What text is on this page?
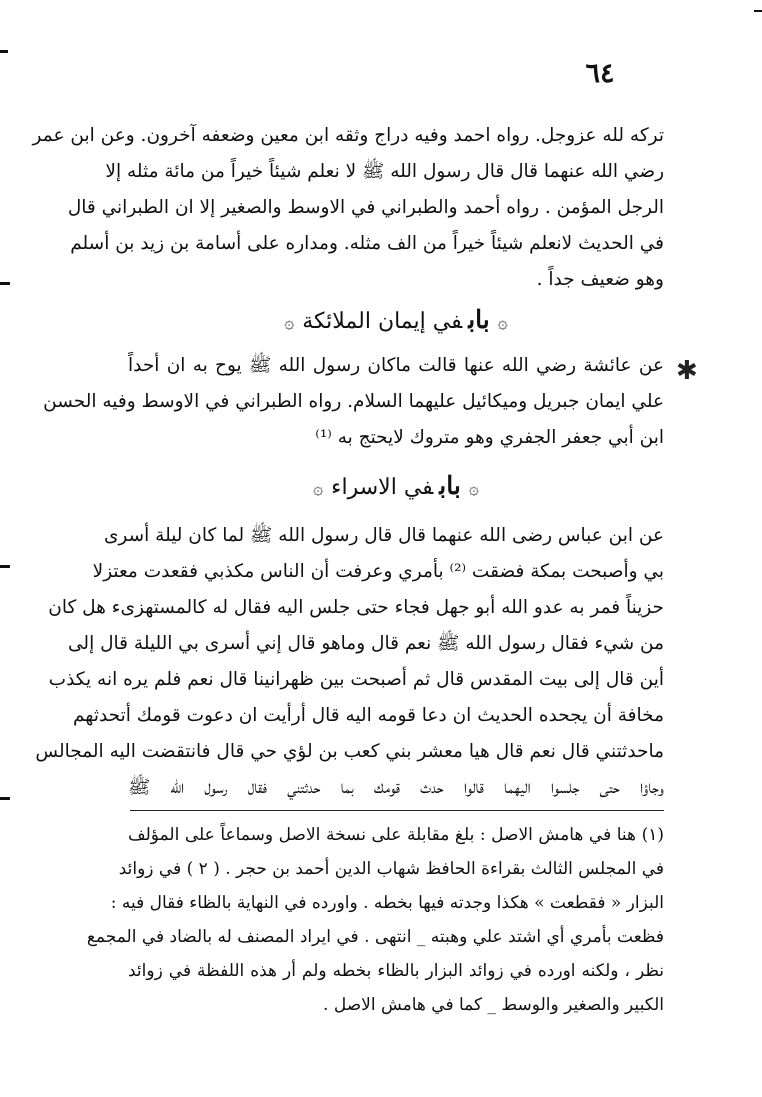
٦٤
تركه لله عزوجل. رواه احمد وفيه دراج وثقه ابن معين وضعفه آخرون. وعن ابن عمر
رضي الله عنهما قال قال رسول الله ﷺ لا نعلم شيئاً خيراً من مائة مثله إلا
الرجل المؤمن . رواه أحمد والطبراني في الاوسط والصغير إلا ان الطبراني قال
في الحديث لانعلم شيئاً خيراً من الف مثله. ومداره على أسامة بن زيد بن أسلم
وهو ضعيف جداً .
۞بابفي إيمان الملائكة۞
✱
عن عائشة رضي الله عنها قالت ماكان رسول الله ﷺ يوح به ان أحداً
علي ايمان جبريل وميكائيل عليهما السلام. رواه الطبراني في الاوسط وفيه الحسن
ابن أبي جعفر الجفري وهو متروك لايحتج به ⁽¹⁾
۞بابفي الاسراء۞
عن ابن عباس رضى الله عنهما قال قال رسول الله ﷺ لما كان ليلة أسرى
بي وأصبحت بمكة فضقت ⁽²⁾ بأمري وعرفت أن الناس مكذبي فقعدت معتزلا
حزيناً فمر به عدو الله أبو جهل فجاء حتى جلس اليه فقال له كالمستهزىء هل كان
من شيء فقال رسول الله ﷺ نعم قال وماهو قال إني أسرى بي الليلة قال إلى
أين قال إلى بيت المقدس قال ثم أصبحت بين ظهرانينا قال نعم فلم يره انه يكذب
مخافة أن يجحده الحديث ان دعا قومه اليه قال أرأيت ان دعوت قومك أتحدثهم
ماحدثتني قال نعم قال هيا معشر بني كعب بن لؤي حي قال فانتقضت اليه المجالس
وجاؤا حتى جلسوا اليهما قالوا حدث قومك بما حدثتني فقال رسول الله ﷺ
(١) هنا في هامش الاصل : بلغ مقابلة على نسخة الاصل وسماعاً على المؤلف
في المجلس الثالث بقراءة الحافظ شهاب الدين أحمد بن حجر . ( ٢ ) في زوائد
البزار « فقطعت » هكذا وجدته فيها بخطه . واورده في النهاية بالظاء فقال فيه :
فظعت بأمري أي اشتد علي وهبته _ انتهى . في ايراد المصنف له بالضاد في المجمع
نظر ، ولكنه اورده في زوائد البزار بالظاء بخطه ولم أر هذه اللفظة في زوائد
الكبير والصغير والوسط _ كما في هامش الاصل .
